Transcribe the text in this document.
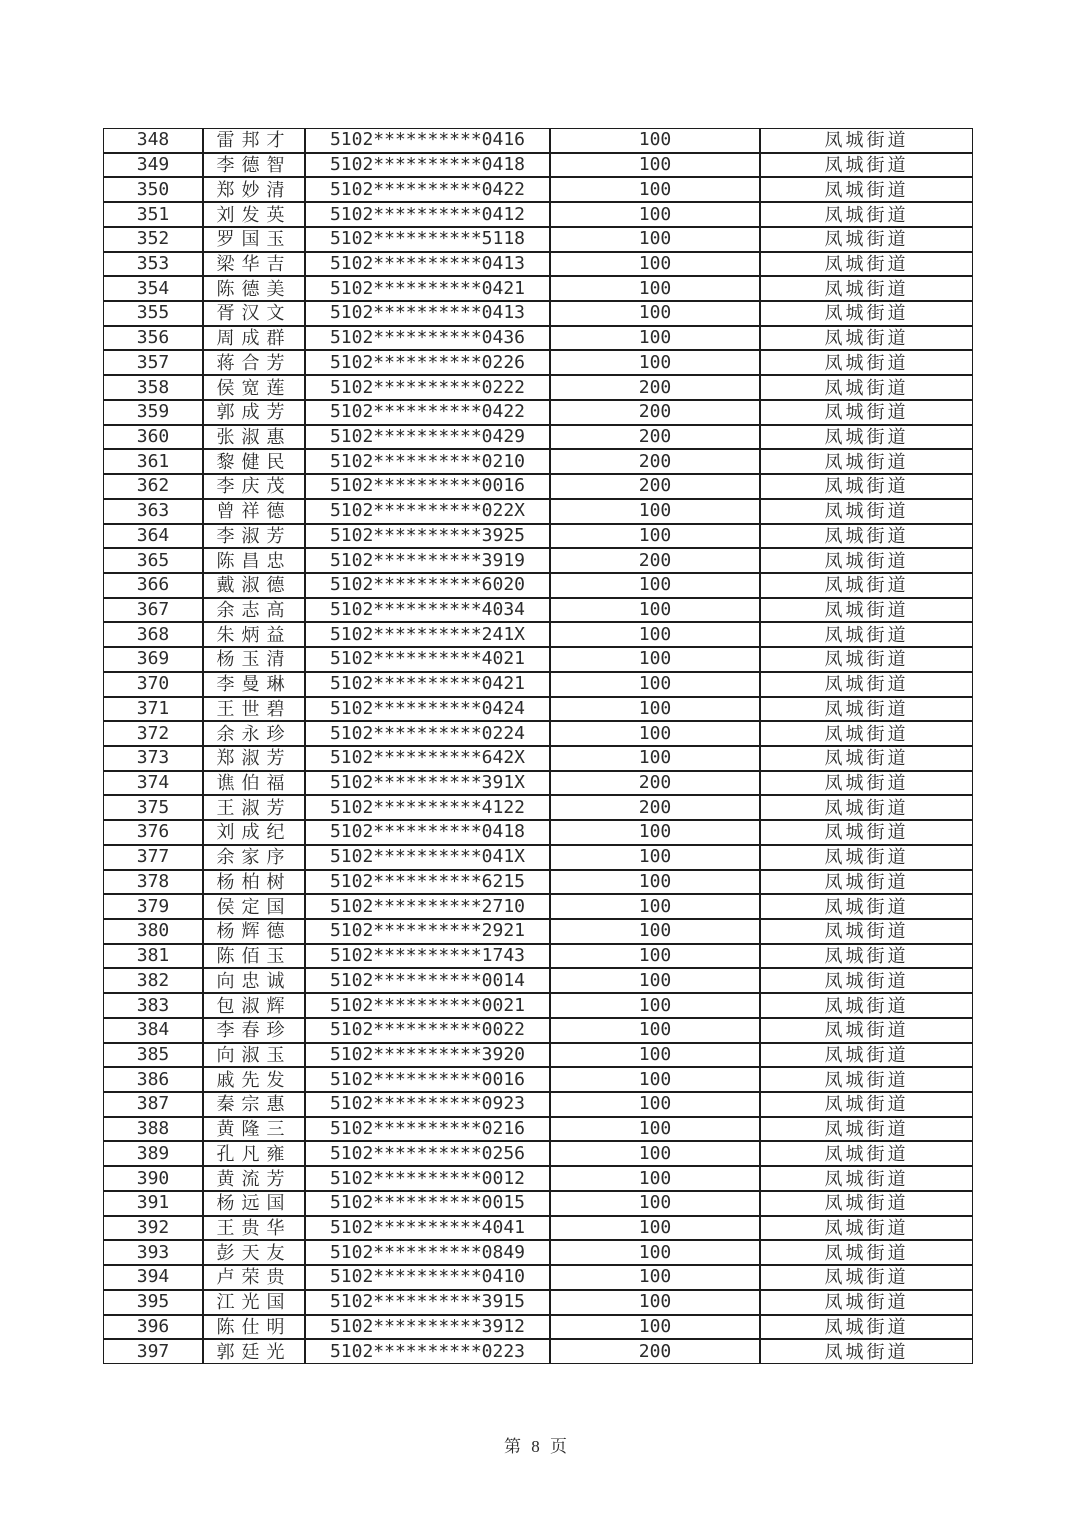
348	雷邦才	5102**********0416	100	凤城街道
349	李德智	5102**********0418	100	凤城街道
350	郑妙清	5102**********0422	100	凤城街道
351	刘发英	5102**********0412	100	凤城街道
352	罗国玉	5102**********5118	100	凤城街道
353	梁华吉	5102**********0413	100	凤城街道
354	陈德美	5102**********0421	100	凤城街道
355	胥汉文	5102**********0413	100	凤城街道
356	周成群	5102**********0436	100	凤城街道
357	蒋合芳	5102**********0226	100	凤城街道
358	侯宽莲	5102**********0222	200	凤城街道
359	郭成芳	5102**********0422	200	凤城街道
360	张淑惠	5102**********0429	200	凤城街道
361	黎健民	5102**********0210	200	凤城街道
362	李庆茂	5102**********0016	200	凤城街道
363	曾祥德	5102**********022X	100	凤城街道
364	李淑芳	5102**********3925	100	凤城街道
365	陈昌忠	5102**********3919	200	凤城街道
366	戴淑德	5102**********6020	100	凤城街道
367	余志高	5102**********4034	100	凤城街道
368	朱炳益	5102**********241X	100	凤城街道
369	杨玉清	5102**********4021	100	凤城街道
370	李曼琳	5102**********0421	100	凤城街道
371	王世碧	5102**********0424	100	凤城街道
372	余永珍	5102**********0224	100	凤城街道
373	郑淑芳	5102**********642X	100	凤城街道
374	谯伯福	5102**********391X	200	凤城街道
375	王淑芳	5102**********4122	200	凤城街道
376	刘成纪	5102**********0418	100	凤城街道
377	余家序	5102**********041X	100	凤城街道
378	杨柏树	5102**********6215	100	凤城街道
379	侯定国	5102**********2710	100	凤城街道
380	杨辉德	5102**********2921	100	凤城街道
381	陈佰玉	5102**********1743	100	凤城街道
382	向忠诚	5102**********0014	100	凤城街道
383	包淑辉	5102**********0021	100	凤城街道
384	李春珍	5102**********0022	100	凤城街道
385	向淑玉	5102**********3920	100	凤城街道
386	戚先发	5102**********0016	100	凤城街道
387	秦宗惠	5102**********0923	100	凤城街道
388	黄隆三	5102**********0216	100	凤城街道
389	孔凡雍	5102**********0256	100	凤城街道
390	黄流芳	5102**********0012	100	凤城街道
391	杨远国	5102**********0015	100	凤城街道
392	王贵华	5102**********4041	100	凤城街道
393	彭天友	5102**********0849	100	凤城街道
394	卢荣贵	5102**********0410	100	凤城街道
395	江光国	5102**********3915	100	凤城街道
396	陈仕明	5102**********3912	100	凤城街道
397	郭廷光	5102**********0223	200	凤城街道
第 8 页
